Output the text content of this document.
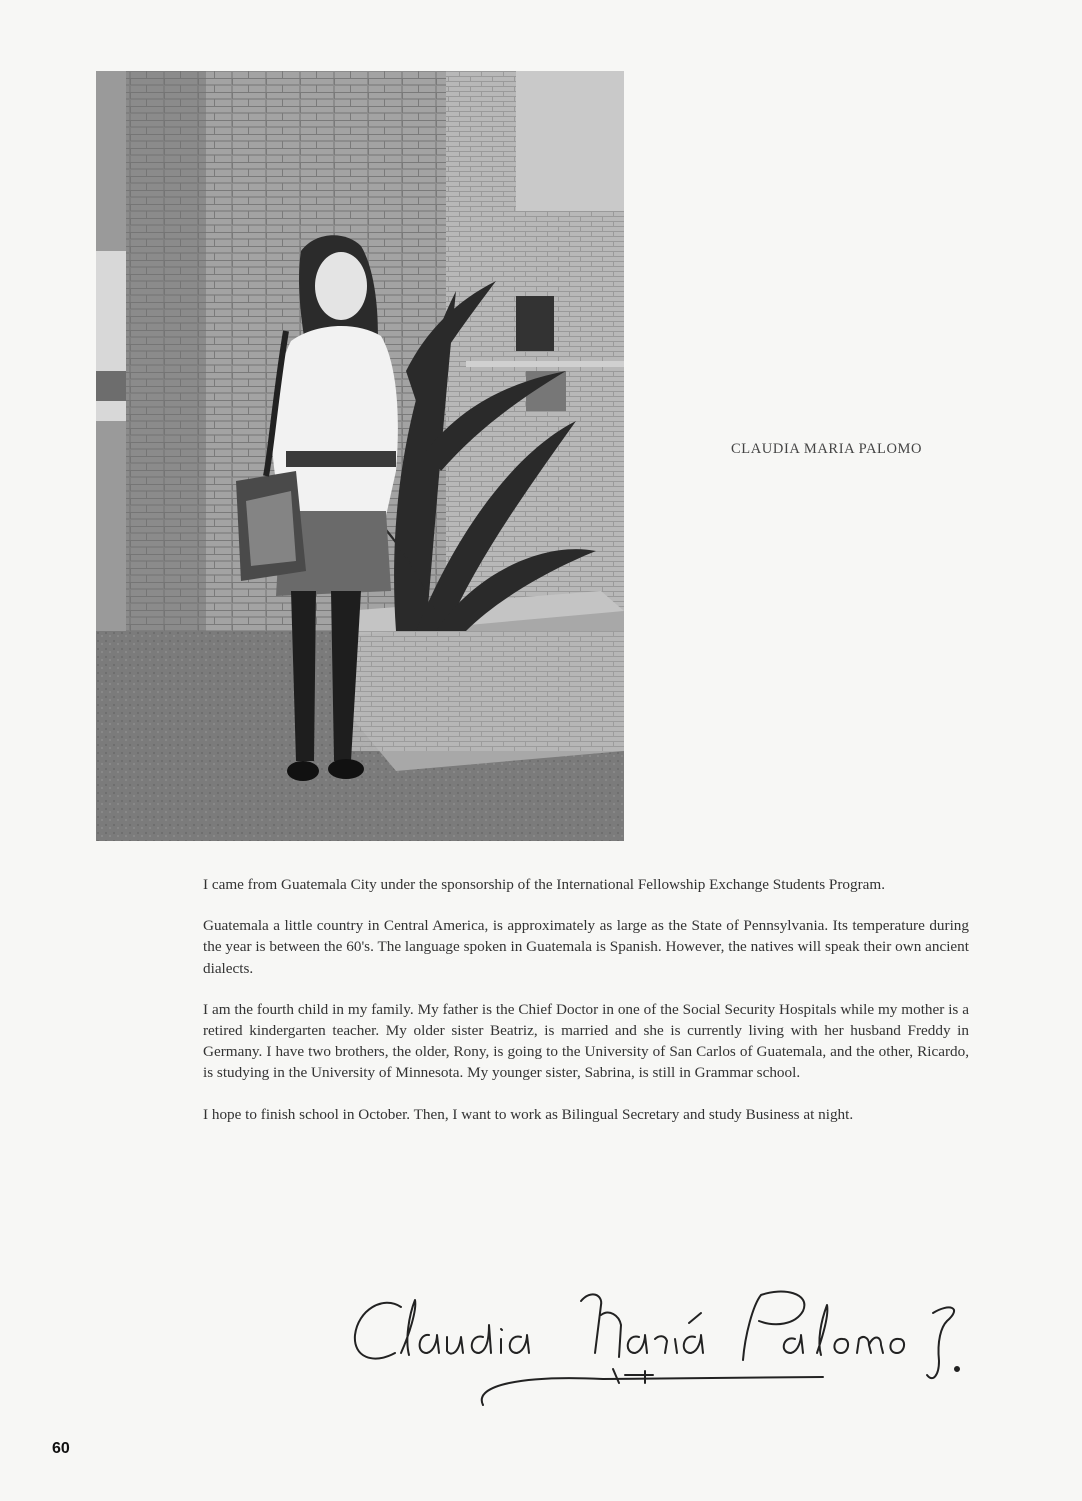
CLAUDIA MARIA PALOMO

I came from Guatemala City under the sponsorship of the International Fellowship Exchange Students Program.

Guatemala a little country in Central America, is approximately as large as the State of Pennsylvania. Its temperature during the year is between the 60's. The language spoken in Guatemala is Spanish. However, the natives will speak their own ancient dialects.

I am the fourth child in my family. My father is the Chief Doctor in one of the Social Security Hospitals while my mother is a retired kindergarten teacher. My older sister Beatriz, is married and she is currently living with her husband Freddy in Germany. I have two brothers, the older, Rony, is going to the University of San Carlos of Guatemala, and the other, Ricardo, is studying in the University of Minnesota. My younger sister, Sabrina, is still in Grammar school.

I hope to finish school in October. Then, I want to work as Bilingual Secretary and study Business at night.

60
